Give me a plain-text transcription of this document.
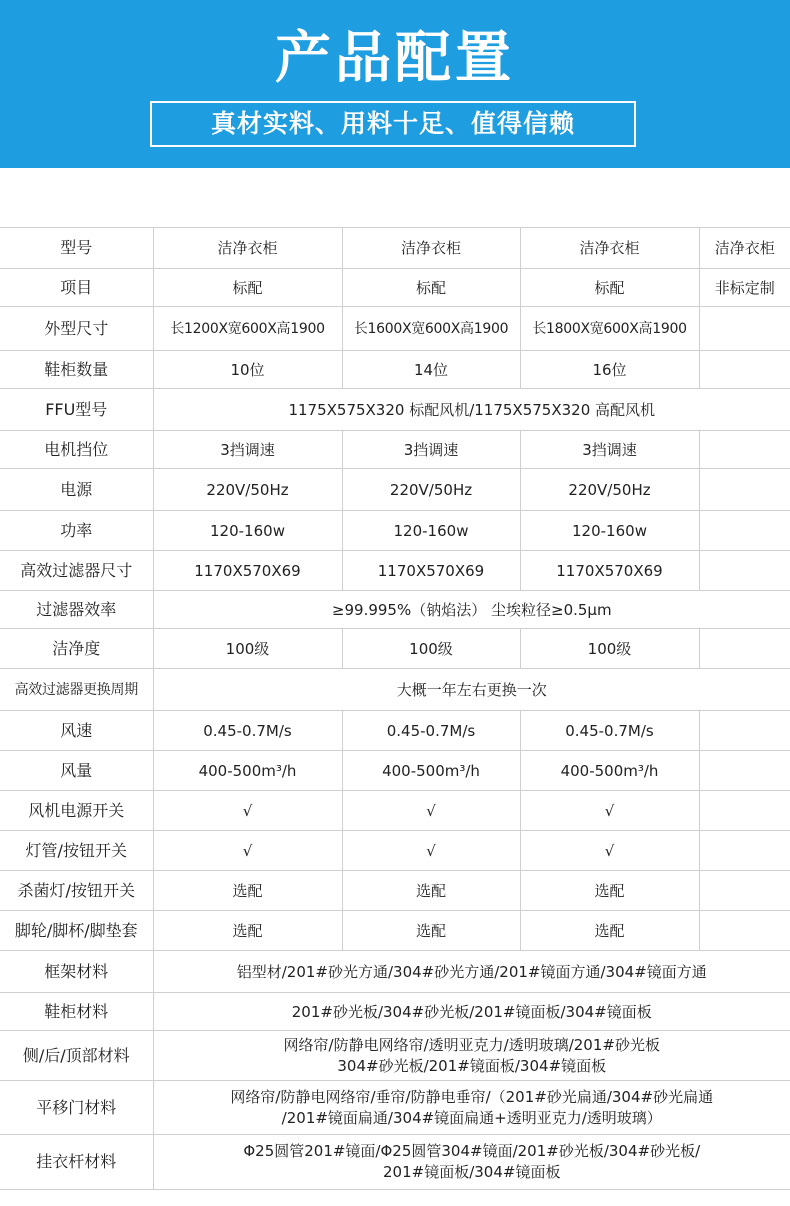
产品配置
真材实料、用料十足、值得信赖
型号	洁净衣柜	洁净衣柜	洁净衣柜	洁净衣柜
项目	标配	标配	标配	非标定制
外型尺寸	长1200X宽600X高1900	长1600X宽600X高1900	长1800X宽600X高1900	
鞋柜数量	10位	14位	16位	
FFU型号	1175X575X320 标配风机/1175X575X320 高配风机			
电机挡位	3挡调速	3挡调速	3挡调速	
电源	220V/50Hz	220V/50Hz	220V/50Hz	
功率	120-160w	120-160w	120-160w	
高效过滤器尺寸	1170X570X69	1170X570X69	1170X570X69	
过滤器效率	≥99.995%（钠焰法） 尘埃粒径≥0.5μm			
洁净度	100级	100级	100级	
高效过滤器更换周期	大概一年左右更换一次			
风速	0.45-0.7M/s	0.45-0.7M/s	0.45-0.7M/s	
风量	400-500m³/h	400-500m³/h	400-500m³/h	
风机电源开关	√	√	√	
灯管/按钮开关	√	√	√	
杀菌灯/按钮开关	选配	选配	选配	
脚轮/脚杯/脚垫套	选配	选配	选配	
框架材料	铝型材/201#砂光方通/304#砂光方通/201#镜面方通/304#镜面方通			
鞋柜材料	201#砂光板/304#砂光板/201#镜面板/304#镜面板			
侧/后/顶部材料	网络帘/防静电网络帘/透明亚克力/透明玻璃/201#砂光板
304#砂光板/201#镜面板/304#镜面板			

平移门材料	网络帘/防静电网络帘/垂帘/防静电垂帘/（201#砂光扁通/304#砂光扁通
/201#镜面扁通/304#镜面扁通+透明亚克力/透明玻璃）			

挂衣杆材料	Φ25圆管201#镜面/Φ25圆管304#镜面/201#砂光板/304#砂光板/
201#镜面板/304#镜面板			
